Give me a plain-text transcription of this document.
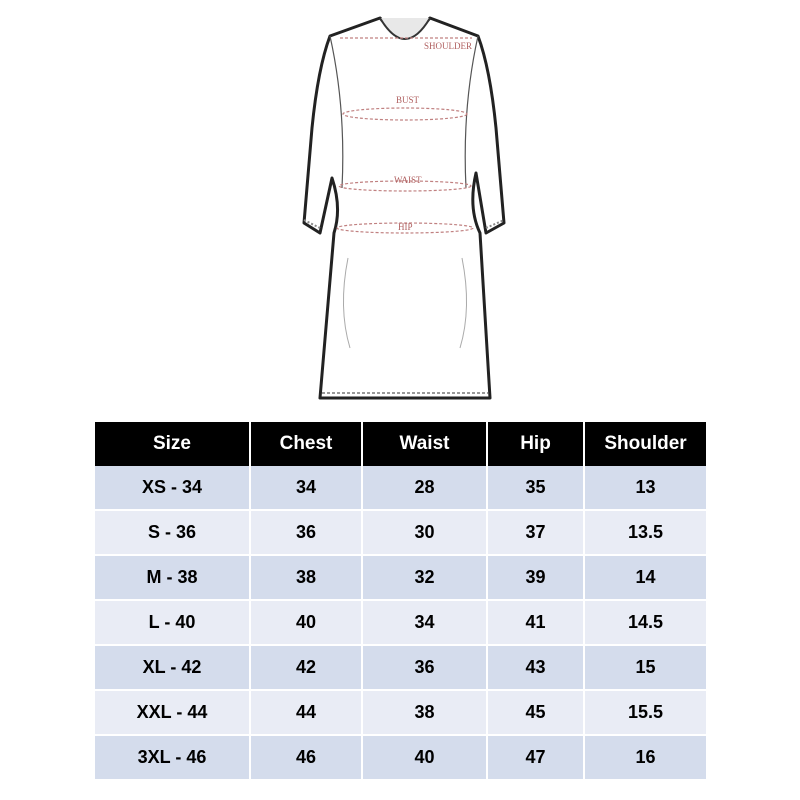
SHOULDER
BUST
WAIST
HIP
Size	Chest	Waist	Hip	Shoulder
XS - 34	34	28	35	13
S - 36	36	30	37	13.5
M - 38	38	32	39	14
L - 40	40	34	41	14.5
XL - 42	42	36	43	15
XXL - 44	44	38	45	15.5
3XL - 46	46	40	47	16
